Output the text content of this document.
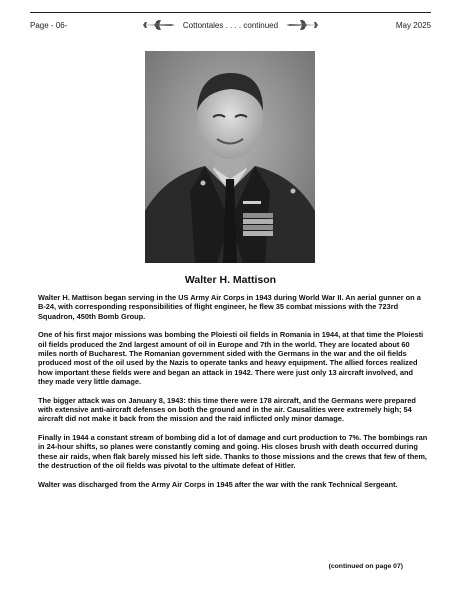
Page - 06-	Cottontales . . . . continued	May 2025
Walter H. Mattison

Walter H. Mattison began serving in the US Army Air Corps in 1943 during World War II. An aerial gunner on a B-24, with corresponding responsibilities of flight engineer, he flew 35 combat missions with the 723rd Squadron, 450th Bomb Group.

One of his first major missions was bombing the Ploiesti oil fields in Romania in 1944, at that time the Ploiesti oil fields produced the 2nd largest amount of oil in Europe and 7th in the world. They are located about 60 miles north of Bucharest. The Romanian government sided with the Germans in the war and the oil fields produced most of the oil used by the Nazis to operate tanks and heavy equipment. The allied forces realized how important these fields were and began an attack in 1942. There were just only 13 aircraft involved, and they made very little damage.

The bigger attack was on January 8, 1943: this time there were 178 aircraft, and the Germans were prepared with extensive anti-aircraft defenses on both the ground and in the air. Causalities were extremely high; 54 aircraft did not make it back from the mission and the raid inflicted only minor damage.

Finally in 1944 a constant stream of bombing did a lot of damage and curt production to 7%. The bombings ran in 24-hour shifts, so planes were constantly coming and going. His closes brush with death occurred during these air raids, when flak barely missed his left side. Thanks to those missions and the crews that few of them, the destruction of the oil fields was pivotal to the ultimate defeat of Hitler.

Walter was discharged from the Army Air Corps in 1945 after the war with the rank Technical Sergeant.

(continued on page 07)
